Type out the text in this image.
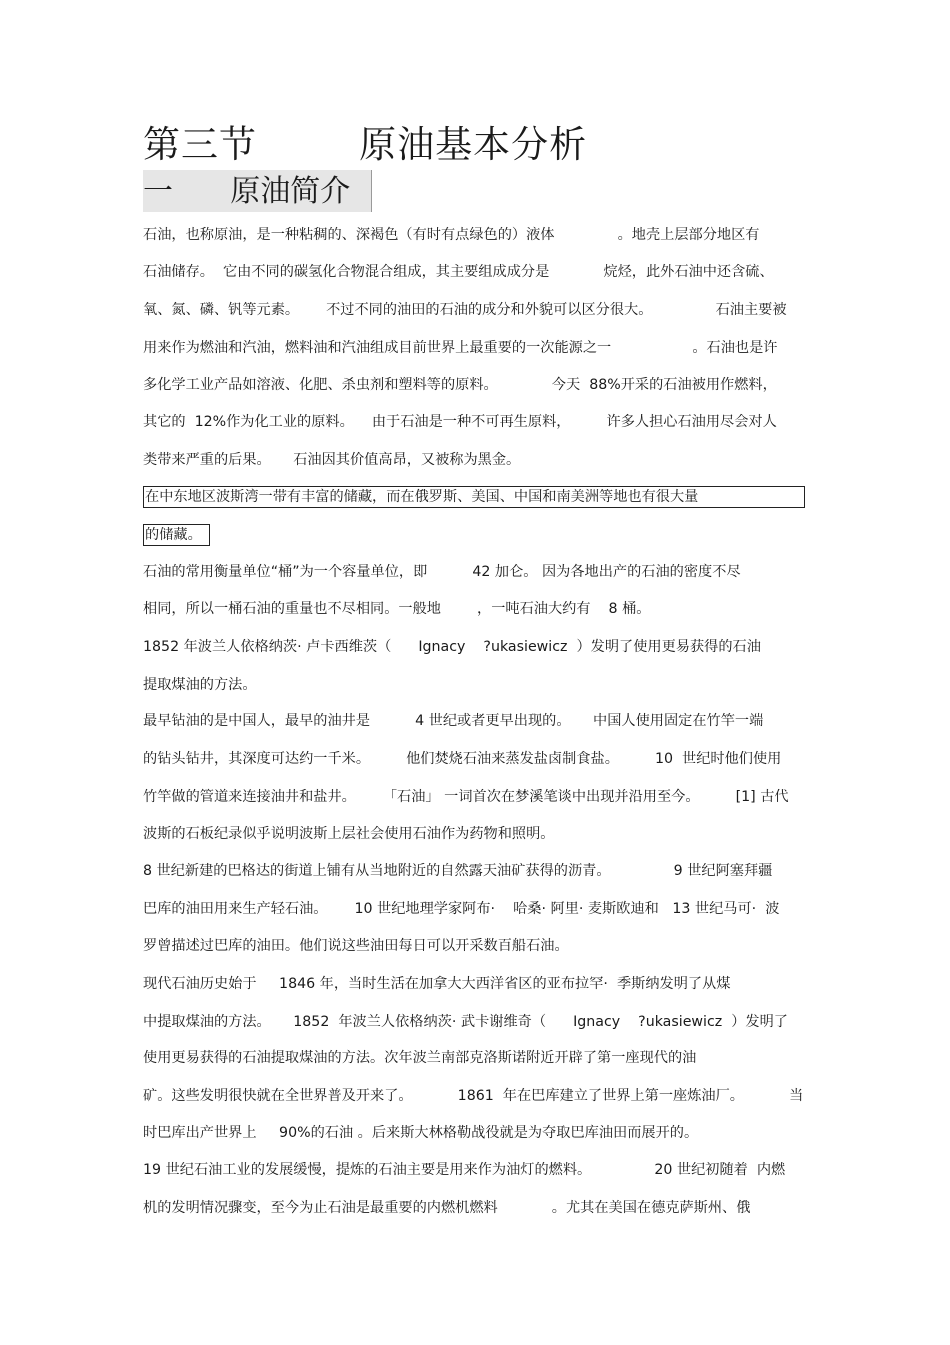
第三节        原油基本分析
一      原油简介
石油，也称原油，是一种粘稠的、深褐色（有时有点绿色的）液体              。地壳上层部分地区有
石油储存。  它由不同的碳氢化合物混合组成，其主要组成成分是            烷烃，此外石油中还含硫、
氧、氮、磷、钒等元素。      不过不同的油田的石油的成分和外貌可以区分很大。              石油主要被
用来作为燃油和汽油，燃料油和汽油组成目前世界上最重要的一次能源之一                  。石油也是许
多化学工业产品如溶液、化肥、杀虫剂和塑料等的原料。            今天  88%开采的石油被用作燃料，
其它的  12%作为化工业的原料。    由于石油是一种不可再生原料，        许多人担心石油用尽会对人
类带来严重的后果。     石油因其价值高昂，又被称为黑金。
在中东地区波斯湾一带有丰富的储藏，而在俄罗斯、美国、中国和南美洲等地也有很大量
的储藏。
石油的常用衡量单位“桶”为一个容量单位，即          42 加仑。 因为各地出产的石油的密度不尽
相同，所以一桶石油的重量也不尽相同。一般地        ，一吨石油大约有    8 桶。
1852 年波兰人依格纳茨· 卢卡西维茨（      Ignacy    ?ukasiewicz  ）发明了使用更易获得的石油
提取煤油的方法。
最早钻油的是中国人，最早的油井是          4 世纪或者更早出现的。     中国人使用固定在竹竿一端
的钻头钻井，其深度可达约一千米。        他们焚烧石油来蒸发盐卤制食盐。        10  世纪时他们使用
竹竿做的管道来连接油井和盐井。      「石油」 一词首次在梦溪笔谈中出现并沿用至今。        [1] 古代
波斯的石板纪录似乎说明波斯上层社会使用石油作为药物和照明。
8 世纪新建的巴格达的街道上铺有从当地附近的自然露天油矿获得的沥青。              9 世纪阿塞拜疆
巴库的油田用来生产轻石油。      10 世纪地理学家阿布·    哈桑· 阿里· 麦斯欧迪和   13 世纪马可·  波
罗曾描述过巴库的油田。他们说这些油田每日可以开采数百船石油。
现代石油历史始于     1846 年，当时生活在加拿大大西洋省区的亚布拉罕·  季斯纳发明了从煤
中提取煤油的方法。     1852  年波兰人依格纳茨· 武卡谢维奇（      Ignacy    ?ukasiewicz  ）发明了
使用更易获得的石油提取煤油的方法。次年波兰南部克洛斯诺附近开辟了第一座现代的油
矿。这些发明很快就在全世界普及开来了。          1861  年在巴库建立了世界上第一座炼油厂。          当
时巴库出产世界上     90%的石油 。后来斯大林格勒战役就是为夺取巴库油田而展开的。
19 世纪石油工业的发展缓慢，提炼的石油主要是用来作为油灯的燃料。              20 世纪初随着  内燃
机的发明情况骤变，至今为止石油是最重要的内燃机燃料            。尤其在美国在德克萨斯州、俄
